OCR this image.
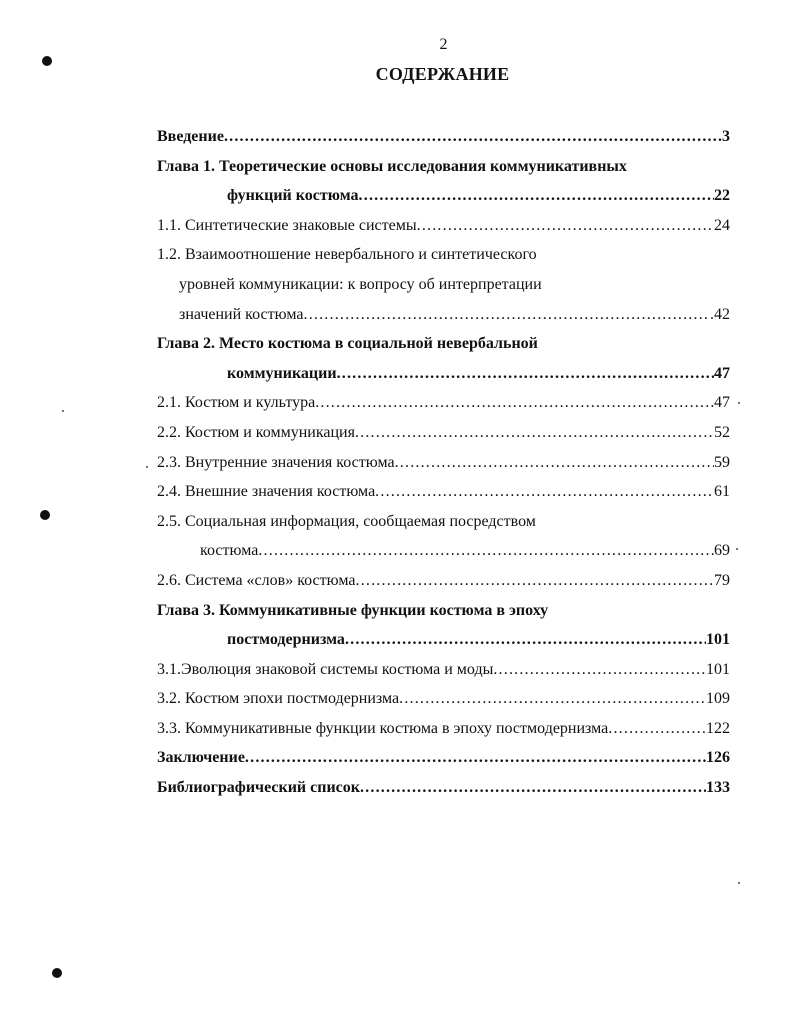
2
СОДЕРЖАНИЕ
Введение .....	.3
Глава 1. Теоретические основы исследования коммуникативных
функций костюма .....	22
1.1. Синтетические знаковые системы .....	24
1.2. Взаимоотношение невербального и синтетического
уровней коммуникации: к вопросу об интерпретации
значений костюма .....	.42
Глава 2. Место костюма в социальной невербальной
коммуникации .....	47
2.1. Костюм и культура .....	47
2.2. Костюм и коммуникация .....	52
2.3. Внутренние значения костюма .....	59
2.4. Внешние значения костюма .....	61
2.5. Социальная информация, сообщаемая посредством
костюма .....	69
2.6. Система «слов» костюма .....	79
Глава 3. Коммуникативные функции костюма в эпоху
постмодернизма .....	101
3.1.Эволюция знаковой системы костюма и моды .....	101
3.2. Костюм эпохи постмодернизма .....	109
3.3. Коммуникативные функции костюма в эпоху постмодернизма .....	122
Заключение .....	126
Библиографический список .....	133
